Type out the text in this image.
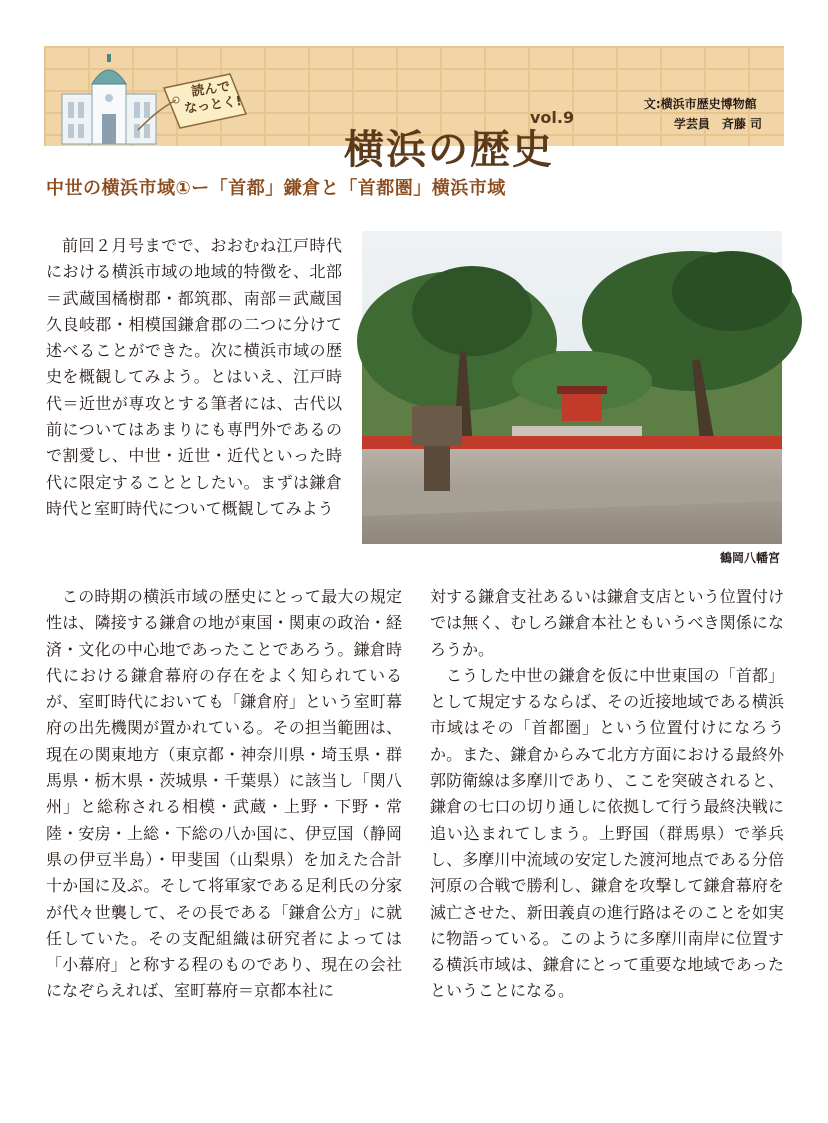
横浜の歴史
vol.9
読んで
なっとく!	文:横浜市歴史博物館
学芸員　斉藤 司
中世の横浜市域①ー「首都」鎌倉と「首都圏」横浜市域

前回２月号までで、おおむね江戸時代における横浜市域の地域的特徴を、北部＝武蔵国橘樹郡・都筑郡、南部＝武蔵国久良岐郡・相模国鎌倉郡の二つに分けて述べることができた。次に横浜市域の歴史を概観してみよう。とはいえ、江戸時代＝近世が専攻とする筆者には、古代以前についてはあまりにも専門外であるので割愛し、中世・近世・近代といった時代に限定することとしたい。まずは鎌倉時代と室町時代について概観してみよう

鶴岡八幡宮

この時期の横浜市域の歴史にとって最大の規定性は、隣接する鎌倉の地が東国・関東の政治・経済・文化の中心地であったことであろう。鎌倉時代における鎌倉幕府の存在をよく知られているが、室町時代においても「鎌倉府」という室町幕府の出先機関が置かれている。その担当範囲は、現在の関東地方（東京都・神奈川県・埼玉県・群馬県・栃木県・茨城県・千葉県）に該当し「関八州」と総称される相模・武蔵・上野・下野・常陸・安房・上総・下総の八か国に、伊豆国（静岡県の伊豆半島）・甲斐国（山梨県）を加えた合計十か国に及ぶ。そして将軍家である足利氏の分家が代々世襲して、その長である「鎌倉公方」に就任していた。その支配組織は研究者によっては「小幕府」と称する程のものであり、現在の会社になぞらえれば、室町幕府＝京都本社に

対する鎌倉支社あるいは鎌倉支店という位置付けでは無く、むしろ鎌倉本社ともいうべき関係になろうか。

こうした中世の鎌倉を仮に中世東国の「首都」として規定するならば、その近接地域である横浜市域はその「首都圏」という位置付けになろうか。また、鎌倉からみて北方方面における最終外郭防衛線は多摩川であり、ここを突破されると、鎌倉の七口の切り通しに依拠して行う最終決戦に追い込まれてしまう。上野国（群馬県）で挙兵し、多摩川中流域の安定した渡河地点である分倍河原の合戦で勝利し、鎌倉を攻撃して鎌倉幕府を滅亡させた、新田義貞の進行路はそのことを如実に物語っている。このように多摩川南岸に位置する横浜市域は、鎌倉にとって重要な地域であったということになる。
